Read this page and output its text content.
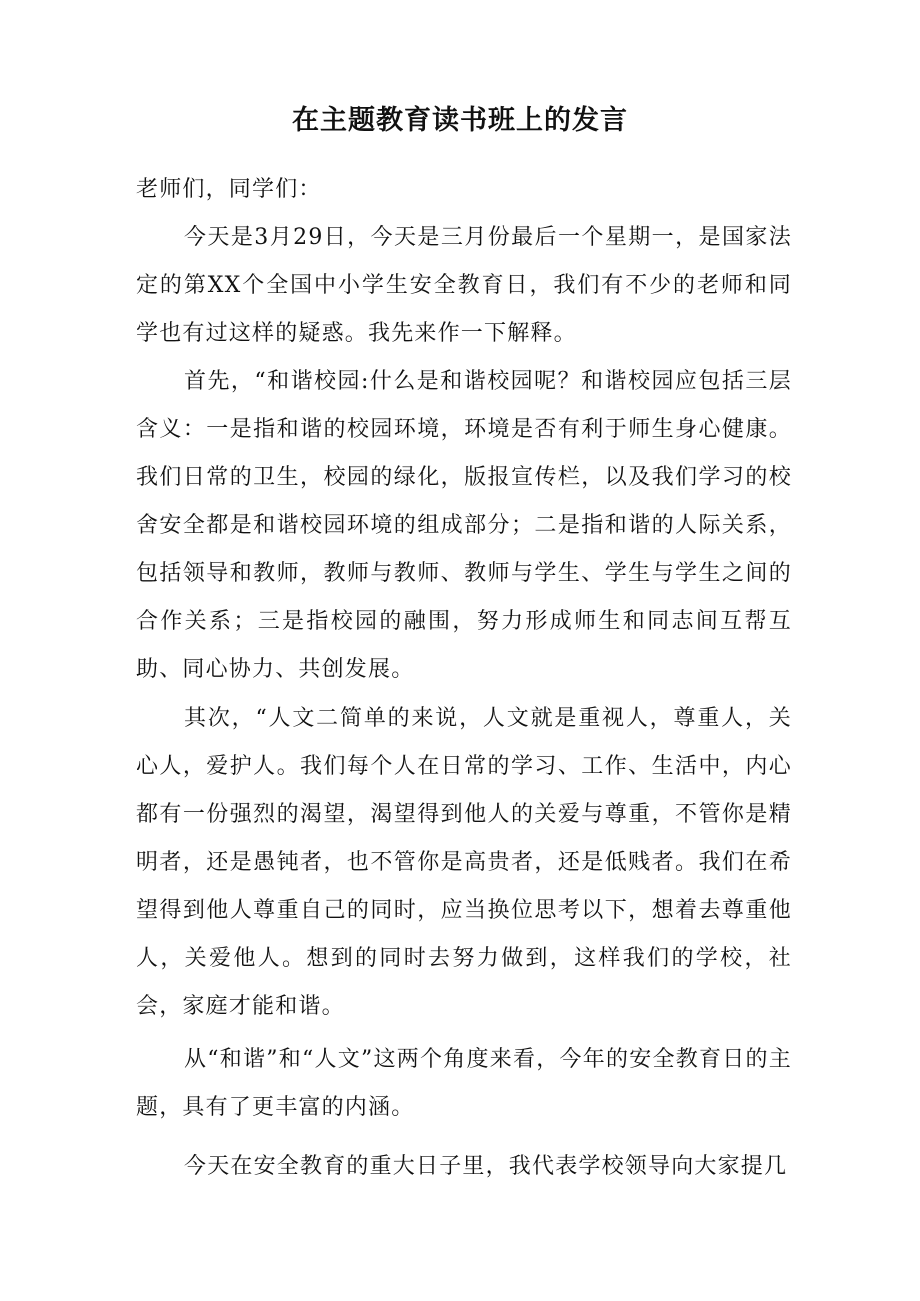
在主题教育读书班上的发言
老师们，同学们：

今天是3月29日，今天是三月份最后一个星期一，是国家法定的第XX个全国中小学生安全教育日，我们有不少的老师和同学也有过这样的疑惑。我先来作一下解释。

首先，“和谐校园:什么是和谐校园呢？和谐校园应包括三层含义：一是指和谐的校园环境，环境是否有利于师生身心健康。我们日常的卫生，校园的绿化，版报宣传栏，以及我们学习的校舍安全都是和谐校园环境的组成部分；二是指和谐的人际关系，包括领导和教师，教师与教师、教师与学生、学生与学生之间的合作关系；三是指校园的融围，努力形成师生和同志间互帮互助、同心协力、共创发展。

其次，“人文二简单的来说，人文就是重视人，尊重人，关心人，爱护人。我们每个人在日常的学习、工作、生活中，内心都有一份强烈的渴望，渴望得到他人的关爱与尊重，不管你是精明者，还是愚钝者，也不管你是高贵者，还是低贱者。我们在希望得到他人尊重自己的同时，应当换位思考以下，想着去尊重他人，关爱他人。想到的同时去努力做到，这样我们的学校，社会，家庭才能和谐。

从“和谐”和“人文”这两个角度来看，今年的安全教育日的主题，具有了更丰富的内涵。

今天在安全教育的重大日子里，我代表学校领导向大家提几
